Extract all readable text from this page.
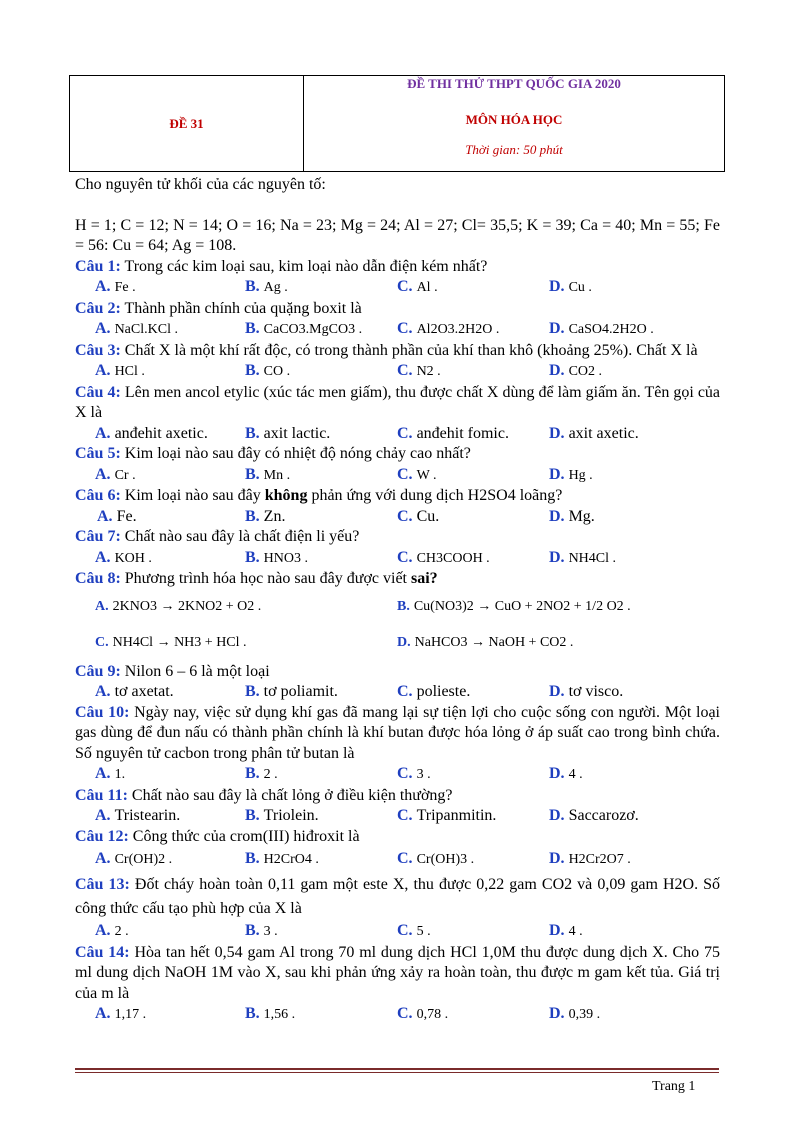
ĐỀ 31
ĐỀ THI THỬ THPT QUỐC GIA 2020
MÔN HÓA HỌC
Thời gian: 50 phút

Cho nguyên tử khối của các nguyên tố:

H = 1; C = 12; N = 14; O = 16; Na = 23; Mg = 24; Al = 27; Cl= 35,5; K = 39; Ca = 40; Mn = 55; Fe = 56: Cu = 64; Ag = 108.

Câu 1: Trong các kim loại sau, kim loại nào dẫn điện kém nhất?

A. Fe .	B. Ag .	C. Al .	D. Cu .

Câu 2: Thành phần chính của quặng boxit là

A. NaCl.KCl .	B. CaCO3.MgCO3 .	C. Al2O3.2H2O .	D. CaSO4.2H2O .

Câu 3: Chất X là một khí rất độc, có trong thành phần của khí than khô (khoảng 25%). Chất X là

A. HCl .	B. CO .	C. N2 .	D. CO2 .

Câu 4: Lên men ancol etylic (xúc tác men giấm), thu được chất X dùng để làm giấm ăn. Tên gọi của X là

A. anđehit axetic.	B. axit lactic.	C. anđehit fomic.	D. axit axetic.

Câu 5: Kim loại nào sau đây có nhiệt độ nóng chảy cao nhất?

A. Cr .	B. Mn .	C. W .	D. Hg .

Câu 6: Kim loại nào sau đây không phản ứng với dung dịch H2SO4 loãng?

A. Fe.	B. Zn.	C. Cu.	D. Mg.

Câu 7: Chất nào sau đây là chất điện li yếu?

A. KOH .	B. HNO3 .	C. CH3COOH .	D. NH4Cl .

Câu 8: Phương trình hóa học nào sau đây được viết sai?

A. 2KNO3 → 2KNO2 + O2 .	B. Cu(NO3)2 → CuO + 2NO2 + 1/2 O2 .
C. NH4Cl → NH3 + HCl .	D. NaHCO3 → NaOH + CO2 .

Câu 9: Nilon 6 – 6 là một loại

A. tơ axetat.	B. tơ poliamit.	C. polieste.	D. tơ visco.

Câu 10: Ngày nay, việc sử dụng khí gas đã mang lại sự tiện lợi cho cuộc sống con người. Một loại gas dùng để đun nấu có thành phần chính là khí butan được hóa lỏng ở áp suất cao trong bình chứa. Số nguyên tử cacbon trong phân tử butan là

A. 1.	B. 2 .	C. 3 .	D. 4 .

Câu 11: Chất nào sau đây là chất lỏng ở điều kiện thường?

A. Tristearin.	B. Triolein.	C. Tripanmitin.	D. Saccarozơ.

Câu 12: Công thức của crom(III) hiđroxit là

A. Cr(OH)2 .	B. H2CrO4 .	C. Cr(OH)3 .	D. H2Cr2O7 .

Câu 13: Đốt cháy hoàn toàn 0,11 gam một este X, thu được 0,22 gam CO2 và 0,09 gam H2O. Số công thức cấu tạo phù hợp của X là

A. 2 .	B. 3 .	C. 5 .	D. 4 .

Câu 14: Hòa tan hết 0,54 gam Al trong 70 ml dung dịch HCl 1,0M thu được dung dịch X. Cho 75 ml dung dịch NaOH 1M vào X, sau khi phản ứng xảy ra hoàn toàn, thu được m gam kết tủa. Giá trị của m là

A. 1,17 .	B. 1,56 .	C. 0,78 .	D. 0,39 .
Trang 1
